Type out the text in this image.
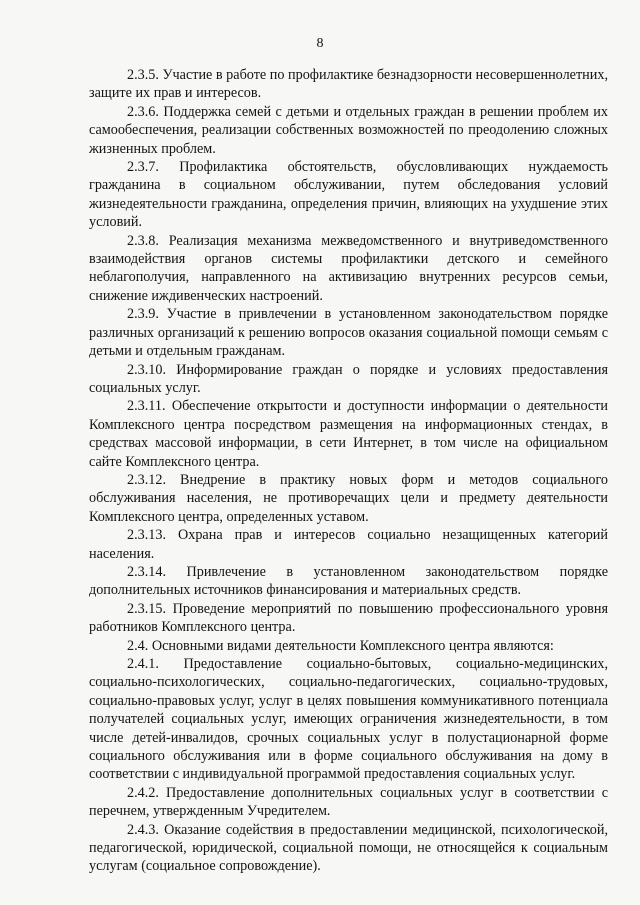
8

2.3.5. Участие в работе по профилактике безнадзорности несовершеннолетних, защите их прав и интересов.

2.3.6. Поддержка семей с детьми и отдельных граждан в решении проблем их самообеспечения, реализации собственных возможностей по преодолению сложных жизненных проблем.

2.3.7. Профилактика обстоятельств, обусловливающих нуждаемость гражданина в социальном обслуживании, путем обследования условий жизнедеятельности гражданина, определения причин, влияющих на ухудшение этих условий.

2.3.8. Реализация механизма межведомственного и внутриведомственного взаимодействия органов системы профилактики детского и семейного неблагополучия, направленного на активизацию внутренних ресурсов семьи, снижение иждивенческих настроений.

2.3.9. Участие в привлечении в установленном законодательством порядке различных организаций к решению вопросов оказания социальной помощи семьям с детьми и отдельным гражданам.

2.3.10. Информирование граждан о порядке и условиях предоставления социальных услуг.

2.3.11. Обеспечение открытости и доступности информации о деятельности Комплексного центра посредством размещения на информационных стендах, в средствах массовой информации, в сети Интернет, в том числе на официальном сайте Комплексного центра.

2.3.12. Внедрение в практику новых форм и методов социального обслуживания населения, не противоречащих цели и предмету деятельности Комплексного центра, определенных уставом.

2.3.13. Охрана прав и интересов социально незащищенных категорий населения.

2.3.14. Привлечение в установленном законодательством порядке дополнительных источников финансирования и материальных средств.

2.3.15. Проведение мероприятий по повышению профессионального уровня работников Комплексного центра.

2.4. Основными видами деятельности Комплексного центра являются:

2.4.1. Предоставление социально-бытовых, социально-медицинских, социально-психологических, социально-педагогических, социально-трудовых, социально-правовых услуг, услуг в целях повышения коммуникативного потенциала получателей социальных услуг, имеющих ограничения жизнедеятельности, в том числе детей-инвалидов, срочных социальных услуг в полустационарной форме социального обслуживания или в форме социального обслуживания на дому в соответствии с индивидуальной программой предоставления социальных услуг.

2.4.2. Предоставление дополнительных социальных услуг в соответствии с перечнем, утвержденным Учредителем.

2.4.3. Оказание содействия в предоставлении медицинской, психологической, педагогической, юридической, социальной помощи, не относящейся к социальным услугам (социальное сопровождение).
